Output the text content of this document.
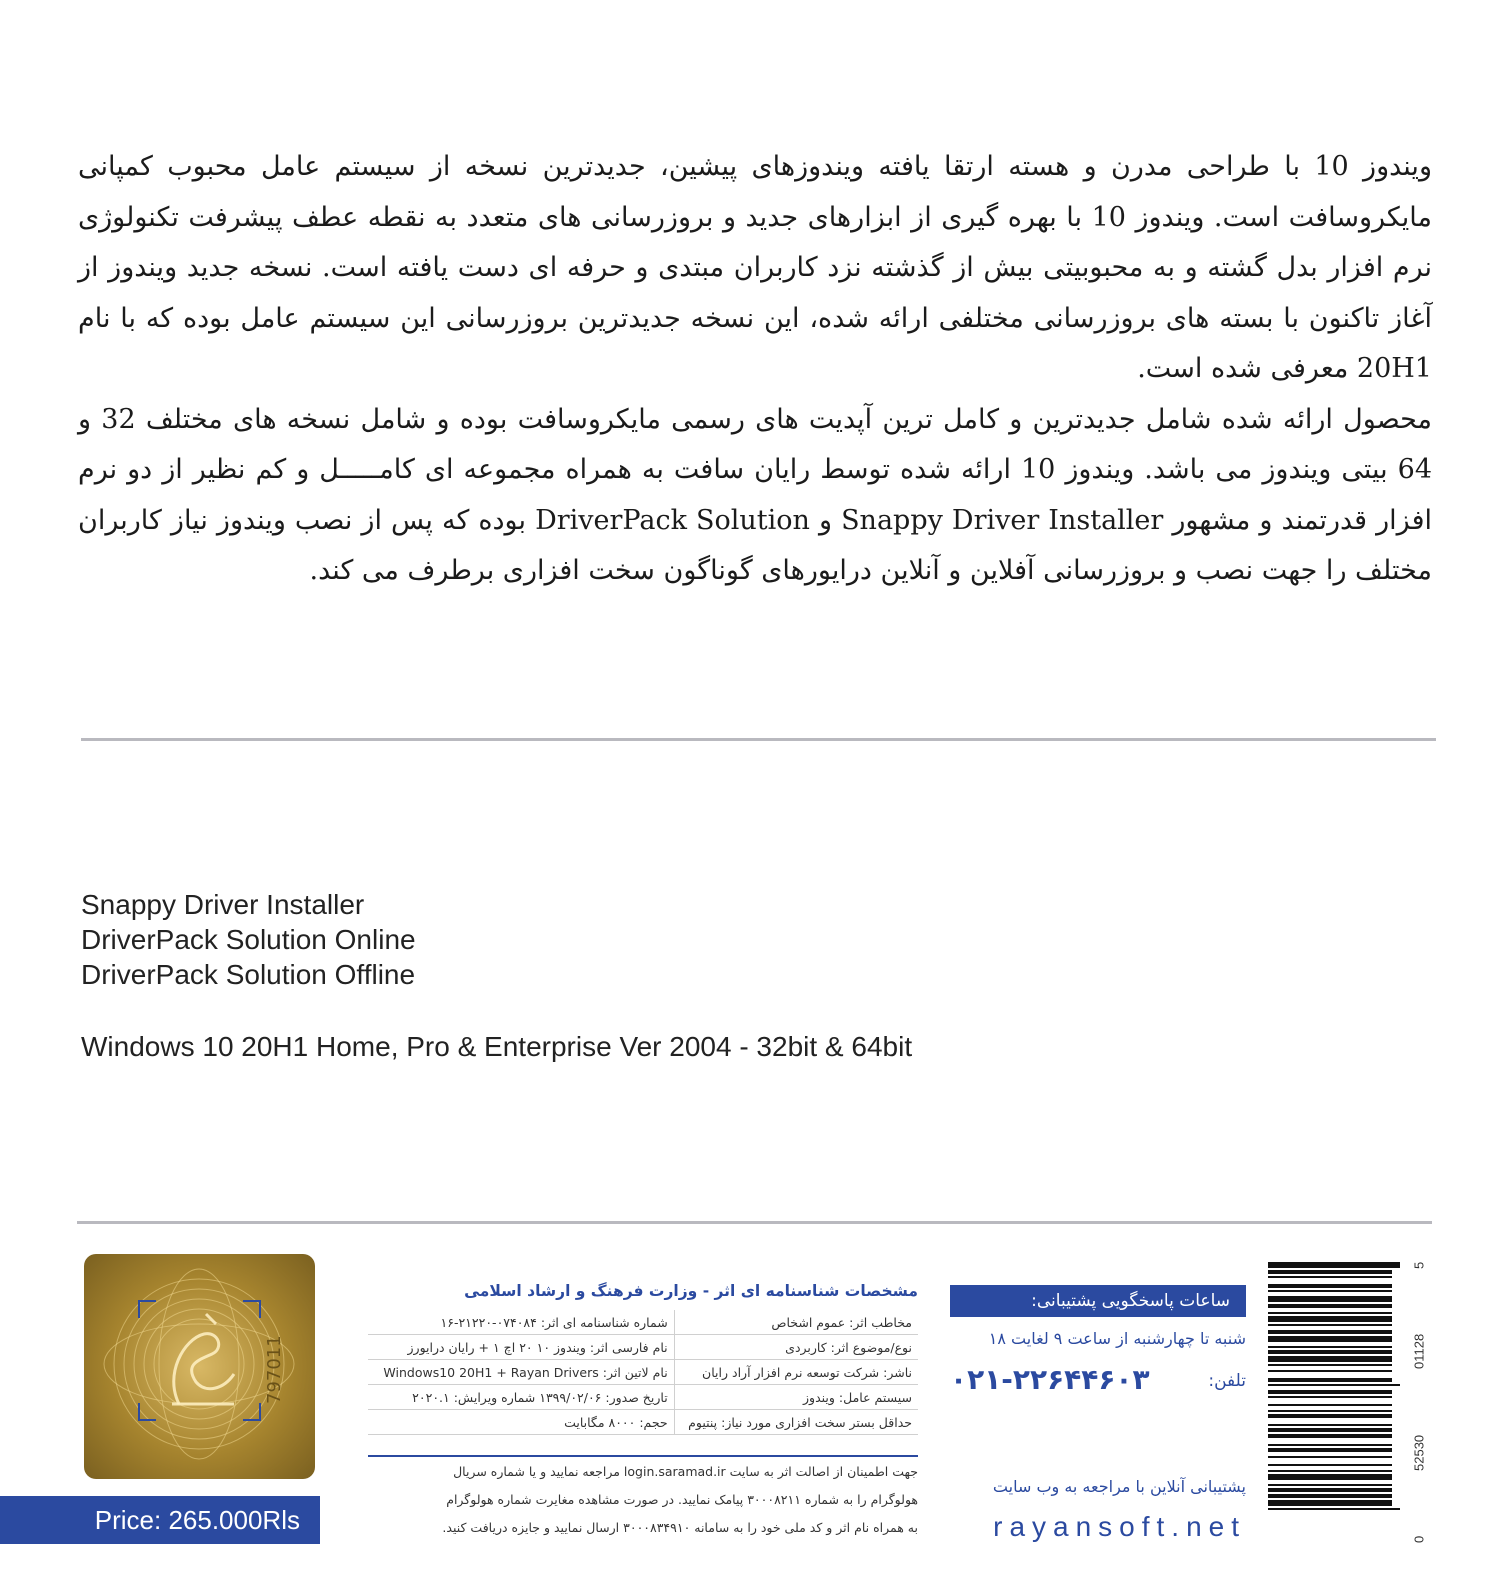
ویندوز 10 با طراحی مدرن و هسته ارتقا یافته ویندوزهای پیشین، جدیدترین نسخه از سیستم عامل محبوب کمپانی مایکروسافت است. ویندوز 10 با بهره گیری از ابزارهای جدید و بروزرسانی های متعدد به نقطه عطف پیشرفت تکنولوژی نرم افزار بدل گشته و به محبوبیتی بیش از گذشته نزد کاربران مبتدی و حرفه ای دست یافته است. نسخه جدید ویندوز از آغاز تاکنون با بسته های بروزرسانی مختلفی ارائه شده، این نسخه جدیدترین بروزرسانی این سیستم عامل بوده که با نام 20H1 معرفی شده است.

محصول ارائه شده شامل جدیدترین و کامل ترین آپدیت های رسمی مایکروسافت بوده و شامل نسخه های مختلف 32 و 64 بیتی ویندوز می باشد. ویندوز 10 ارائه شده توسط رایان سافت به همراه مجموعه ای کامـــــل و کم نظیر از دو نرم افزار قدرتمند و مشهور Snappy Driver Installer و DriverPack Solution بوده که پس از نصب ویندوز نیاز کاربران مختلف را جهت نصب و بروزرسانی آفلاین و آنلاین درایورهای گوناگون سخت افزاری برطرف می کند.

Snappy Driver Installer
DriverPack Solution Online
DriverPack Solution Offline
Windows 10 20H1 Home, Pro & Enterprise Ver 2004 - 32bit & 64bit
797011
Price: 265.000Rls
مشخصات شناسنامه ای اثر - وزارت فرهنگ و ارشاد اسلامی
مخاطب اثر: عموم اشخاص	شماره شناسنامه ای اثر: ۰۷۴۰۸۴-۲۱۲۲۰-۱۶
نوع/موضوع اثر: کاربردی	نام فارسی اثر: ویندوز ۱۰ ۲۰ اچ ۱ + رایان درایورز
ناشر: شرکت توسعه نرم افزار آراد رایان	نام لاتین اثر: Windows10 20H1 + Rayan Drivers
سیستم عامل: ویندوز	تاریخ صدور: ۱۳۹۹/۰۲/۰۶ شماره ویرایش: ۲۰۲۰.۱
حداقل بستر سخت افزاری مورد نیاز: پنتیوم	حجم: ۸۰۰۰ مگابایت
جهت اطمینان از اصالت اثر به سایت login.saramad.ir مراجعه نمایید و یا شماره سریال
هولوگرام را به شماره ۳۰۰۰۸۲۱۱ پیامک نمایید. در صورت مشاهده مغایرت شماره هولوگرام
به همراه نام اثر و کد ملی خود را به سامانه ۳۰۰۰۸۳۴۹۱۰ ارسال نمایید و جایزه دریافت کنید.
ساعات پاسخگویی پشتیبانی:
شنبه تا چهارشنبه از ساعت ۹ لغایت ۱۸
تلفن:
۰۲۱-۲۲۶۴۴۶۰۳
پشتیبانی آنلاین با مراجعه به وب سایت
rayansoft.net	0
52530
01128
5
